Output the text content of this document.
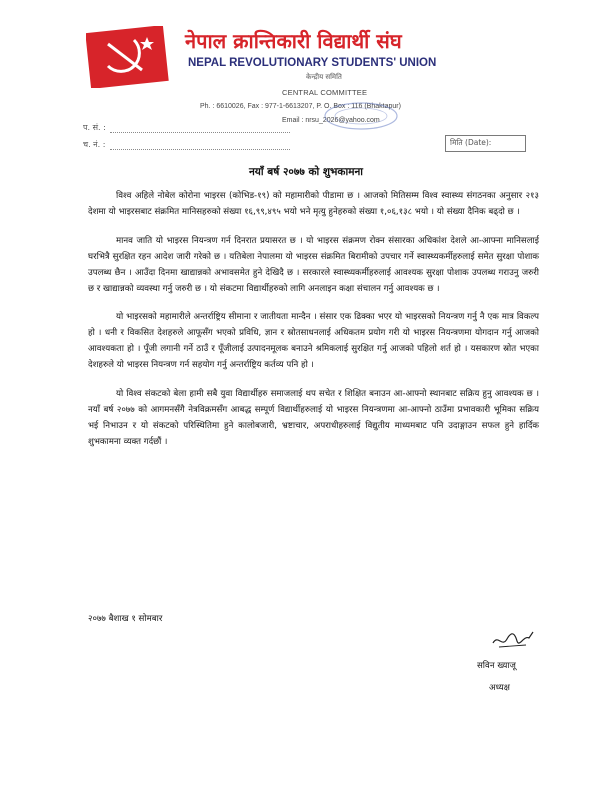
नेपाल क्रान्तिकारी विद्यार्थी संघ
NEPAL REVOLUTIONARY STUDENTS' UNION
केन्द्रीय समिति
CENTRAL COMMITTEE
Ph. : 6610026, Fax : 977-1-6613207, P. O. Box : 116 (Bhaktapur)
Email : nrsu_2026@yahoo.com
प. सं. :
च. नं. :	मिति (Date):
नयाँ बर्ष २०७७ को शुभकामना

विश्व अहिले नोबेल कोरोना भाइरस (कोभिड-१९) को महामारीको पीडामा छ । आजको मितिसम्म विश्व स्वास्थ्य संगठनका अनुसार २१३ देशमा यो भाइरसबाट संक्रमित मानिसहरुको संख्या १६,९९,४९५ भयो भने मृत्यु हुनेहरुको संख्या १,०६,१३८ भयो । यो संख्या दैनिक बढ्दो छ ।

मानव जाति यो भाइरस नियन्त्रण गर्न दिनरात प्रयासरत छ । यो भाइरस संक्रमण रोक्न संसारका अधिकांश देशले आ-आफ्ना मानिसलाई घरभित्रै सुरक्षित रहन आदेश जारी गरेको छ । यतिबेला नेपालमा यो भाइरस संक्रमित बिरामीको उपचार गर्ने स्वास्थ्यकर्मीहरुलाई समेत सुरक्षा पोशाक उपलब्ध छैन । आउँदा दिनमा खाद्यान्नको अभावसमेत हुने देखिदै छ । सरकारले स्वास्थ्यकर्मीहरुलाई आवश्यक सुरक्षा पोशाक उपलब्ध गराउनु जरुरी छ र खाद्यान्नको व्यवस्था गर्नु जरुरी छ । यो संकटमा विद्यार्थीहरुको लागि अनलाइन कक्षा संचालन गर्नु आवश्यक छ ।

यो भाइरसको महामारीले अन्तर्राष्ट्रिय सीमाना र जातीयता मान्दैन । संसार एक ढिक्का भएर यो भाइरसको नियन्त्रण गर्नु नै एक मात्र विकल्प हो । धनी र विकसित देशहरुले आफूसँग भएको प्रविधि, ज्ञान र स्रोतसाधनलाई अधिकतम प्रयोग गरी यो भाइरस नियन्त्रणमा योगदान गर्नु आजको आवश्यकता हो । पूँजी लगानी गर्ने ठाउँ र पूँजीलाई उत्पादनमूलक बनाउने श्रमिकलाई सुरक्षित गर्नु आजको पहिलो शर्त हो । यसकारण स्रोत भएका देशहरुले यो भाइरस नियन्त्रण गर्न सहयोग गर्नु अन्तर्राष्ट्रिय कर्तव्य पनि हो ।

यो विश्व संकटको बेला हामी सबै युवा विद्यार्थीहरु समाजलाई थप सचेत र शिक्षित बनाउन आ-आफ्नो स्थानबाट सक्रिय हुनु आवश्यक छ । नयाँ बर्ष २०७७ को आगमनसँगै नेत्रविक्रमसँग आबद्ध सम्पूर्ण विद्यार्थीहरुलाई यो भाइरस नियन्त्रणमा आ-आफ्नो ठाउँमा प्रभावकारी भूमिका सक्रिय भई निभाउन र यो संकटको परिस्थितिमा हुने कालोबजारी, भ्रष्टाचार, अपराधीहरुलाई विद्युतीय माध्यमबाट पनि उदाङ्गाउन सफल हुने हार्दिक शुभकामना व्यक्त गर्दछौं ।

२०७७ बैशाख १ सोमबार
सविन ख्याजू
अध्यक्ष
